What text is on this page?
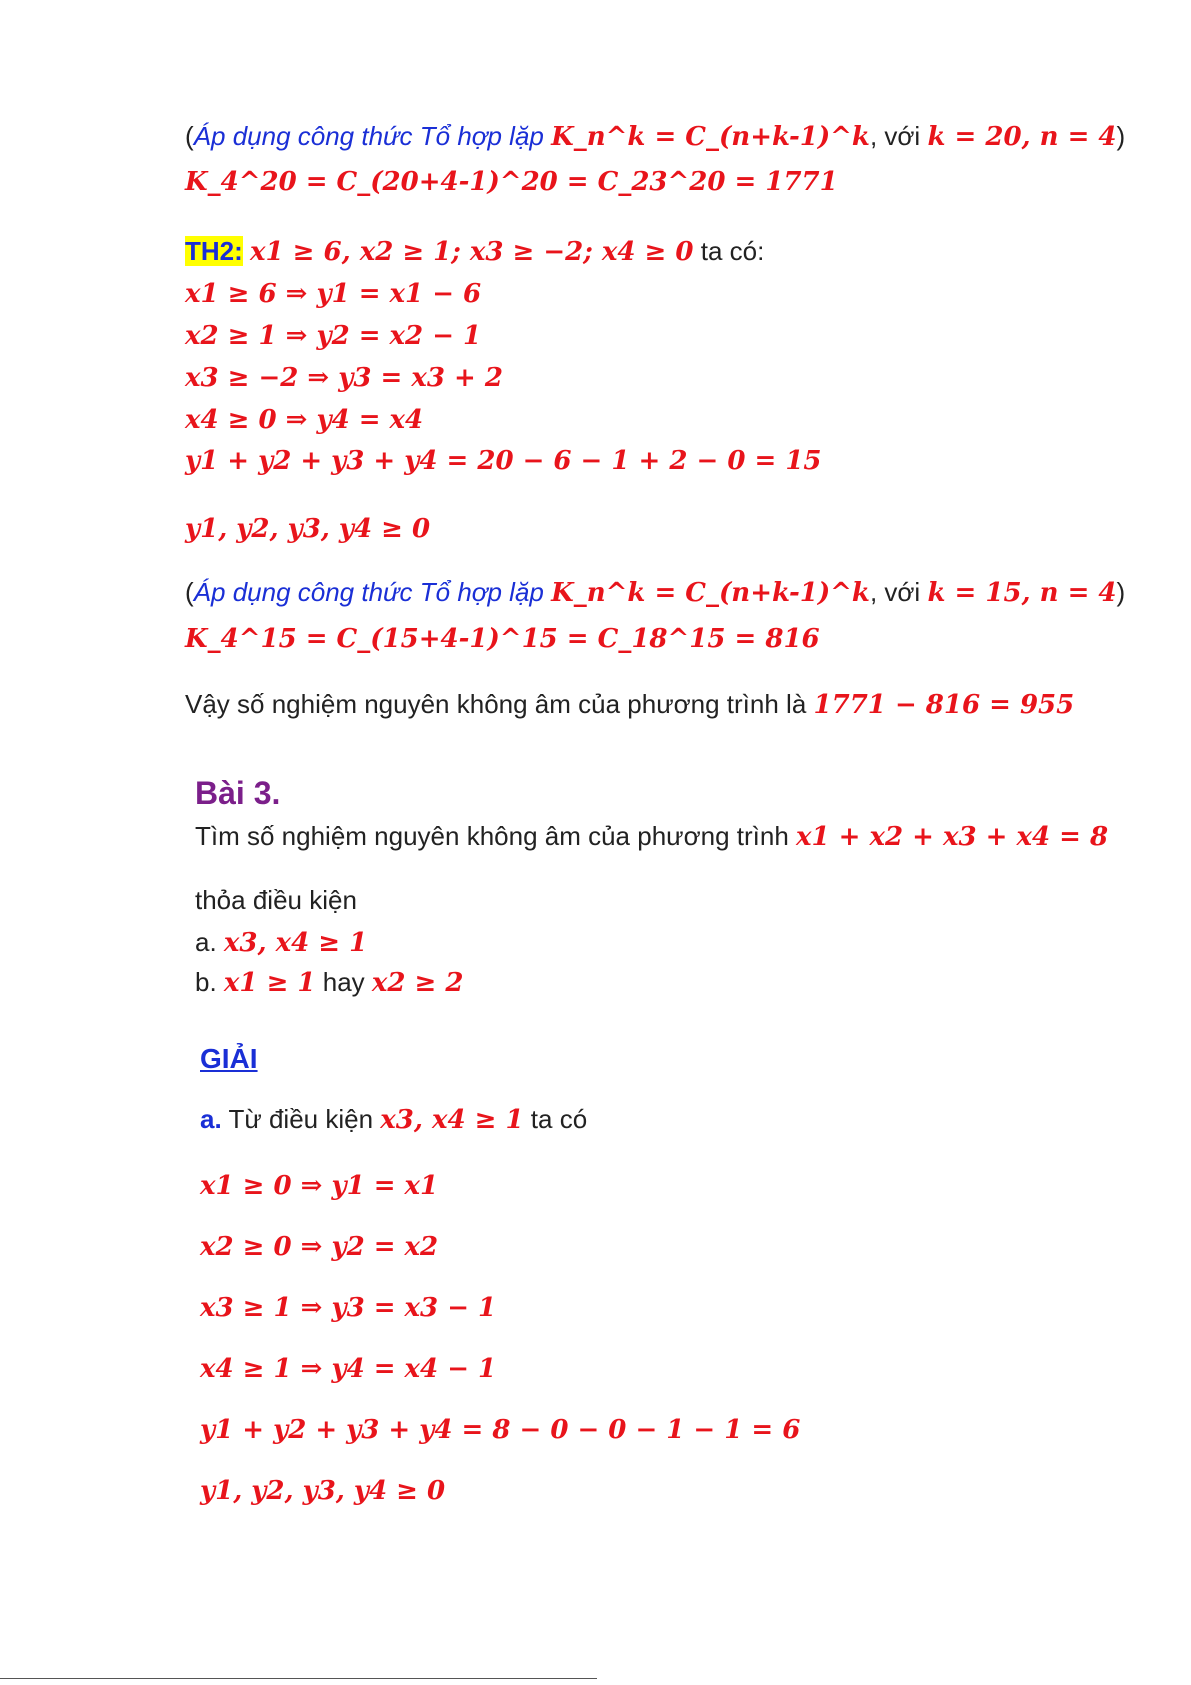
(Áp dụng công thức Tổ hợp lặp K_n^k = C_(n+k-1)^k, với k = 20, n = 4)
K_4^20 = C_(20+4-1)^20 = C_23^20 = 1771
TH2: x1 ≥ 6, x2 ≥ 1; x3 ≥ −2; x4 ≥ 0 ta có:
x1 ≥ 6 ⇒ y1 = x1 − 6
x2 ≥ 1 ⇒ y2 = x2 − 1
x3 ≥ −2 ⇒ y3 = x3 + 2
x4 ≥ 0 ⇒ y4 = x4
y1 + y2 + y3 + y4 = 20 − 6 − 1 + 2 − 0 = 15
y1, y2, y3, y4 ≥ 0
(Áp dụng công thức Tổ hợp lặp K_n^k = C_(n+k-1)^k, với k = 15, n = 4)
K_4^15 = C_(15+4-1)^15 = C_18^15 = 816
Vậy số nghiệm nguyên không âm của phương trình là 1771 − 816 = 955
Bài 3.
Tìm số nghiệm nguyên không âm của phương trình x1 + x2 + x3 + x4 = 8
thỏa điều kiện
a. x3, x4 ≥ 1
b. x1 ≥ 1 hay x2 ≥ 2
GIẢI
a. Từ điều kiện x3, x4 ≥ 1 ta có
x1 ≥ 0 ⇒ y1 = x1
x2 ≥ 0 ⇒ y2 = x2
x3 ≥ 1 ⇒ y3 = x3 − 1
x4 ≥ 1 ⇒ y4 = x4 − 1
y1 + y2 + y3 + y4 = 8 − 0 − 0 − 1 − 1 = 6
y1, y2, y3, y4 ≥ 0
